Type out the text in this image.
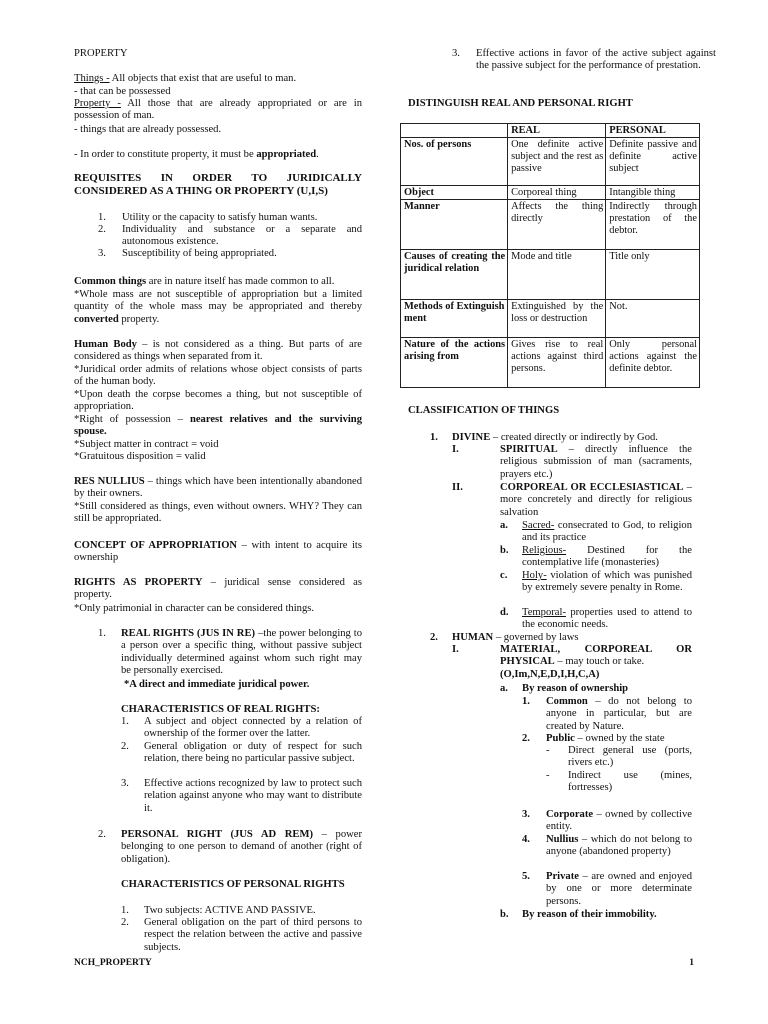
PROPERTY

Things - All objects that exist that are useful to man.

- that can be possessed

Property - All those that are already appropriated or are in possession of man.

- things that are already possessed.

- In order to constitute property, it must be appropriated.

REQUISITES IN ORDER TO JURIDICALLY CONSIDERED AS A THING OR PROPERTY (U,I,S)

1. Utility or the capacity to satisfy human wants.
2. Individuality and substance or a separate and autonomous existence.
3. Susceptibility of being appropriated.

Common things are in nature itself has made common to all.

*Whole mass are not susceptible of appropriation but a limited quantity of the whole mass may be appropriated and thereby converted property.

Human Body – is not considered as a thing. But parts of are considered as things when separated from it.

*Juridical order admits of relations whose object consists of parts of the human body.

*Upon death the corpse becomes a thing, but not susceptible of appropriation.

*Right of possession – nearest relatives and the surviving spouse.

*Subject matter in contract = void

*Gratuitous disposition = valid

RES NULLIUS – things which have been intentionally abandoned by their owners.

*Still considered as things, even without owners. WHY? They can still be appropriated.

CONCEPT OF APPROPRIATION – with intent to acquire its ownership

RIGHTS AS PROPERTY – juridical sense considered as property.

*Only patrimonial in character can be considered things.

1. REAL RIGHTS (JUS IN RE) –the power belonging to a person over a specific thing, without passive subject individually determined against whom such right may be personally exercised.

*A direct and immediate juridical power.

CHARACTERISTICS OF REAL RIGHTS:

1. A subject and object connected by a relation of ownership of the former over the latter.
2. General obligation or duty of respect for such relation, there being no particular passive subject.
3. Effective actions recognized by law to protect such relation against anyone who may want to distribute it.
2. PERSONAL RIGHT (JUS AD REM) – power belonging to one person to demand of another (right of obligation).

CHARACTERISTICS OF PERSONAL RIGHTS

1. Two subjects: ACTIVE AND PASSIVE.
2. General obligation on the part of third persons to respect the relation between the active and passive subjects.
3. Effective actions in favor of the active subject against the passive subject for the performance of prestation.

DISTINGUISH REAL AND PERSONAL RIGHT

	REAL	PERSONAL
Nos. of persons	One definite active subject and the rest as passive	Definite passive and definite active subject
Object	Corporeal thing	Intangible thing
Manner	Affects the thing directly	Indirectly through prestation of the debtor.
Causes of creating the juridical relation	Mode and title	Title only
Methods of Extinguishment	Extinguished by the loss or destruction	Not.
Nature of the actions arising from	Gives rise to real actions against third persons.	Only personal actions against the definite debtor.

CLASSIFICATION OF THINGS

1. DIVINE – created directly or indirectly by God.

I.	SPIRITUAL – directly influence the religious submission of man (sacraments, prayers etc.)
II.	CORPOREAL OR ECCLESIASTICAL – more concretely and directly for religious salvation
a. Sacred- consecrated to God, to religion and its practice
b. Religious- Destined for the contemplative life (monasteries)
c. Holy- violation of which was punished by extremely severe penalty in Rome.
d. Temporal- properties used to attend to the economic needs.

2. HUMAN – governed by laws

I.	MATERIAL, CORPOREAL OR PHYSICAL – may touch or take.
(O,Im,N,E,D,I,H,C,A)

a. By reason of ownership

1. Common – do not belong to anyone in particular, but are created by Nature.
2. Public – owned by the state
- Direct general use (ports, rivers etc.)
- Indirect use (mines, fortresses)
3. Corporate – owned by collective entity.
4. Nullius – which do not belong to anyone (abandoned property)
5. Private – are owned and enjoyed by one or more determinate persons.

b. By reason of their immobility.

NCH_PROPERTY	1
